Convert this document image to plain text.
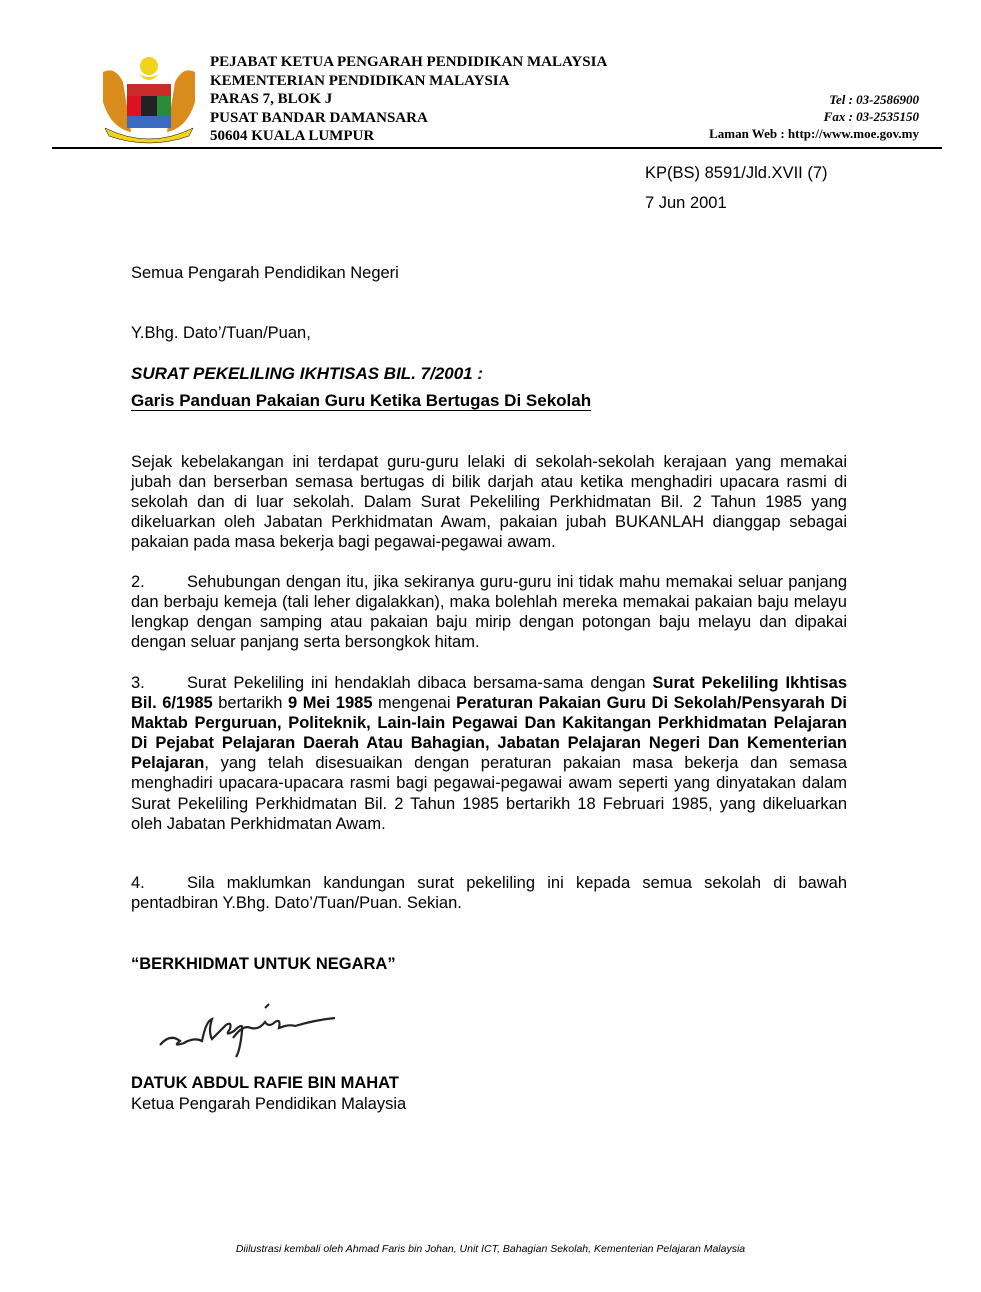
PEJABAT KETUA PENGARAH PENDIDIKAN MALAYSIA
KEMENTERIAN PENDIDIKAN MALAYSIA
PARAS 7, BLOK J
PUSAT BANDAR DAMANSARA
50604 KUALA LUMPUR
Tel : 03-2586900
Fax : 03-2535150
Laman Web : http://www.moe.gov.my
KP(BS) 8591/Jld.XVII (7)
7 Jun 2001
Semua Pengarah Pendidikan Negeri
Y.Bhg. Dato’/Tuan/Puan,
SURAT PEKELILING IKHTISAS BIL. 7/2001 :
Garis Panduan Pakaian Guru Ketika Bertugas Di Sekolah
Sejak kebelakangan ini terdapat guru-guru lelaki di sekolah-sekolah kerajaan yang memakai jubah dan berserban semasa bertugas di bilik darjah atau ketika menghadiri upacara rasmi di sekolah dan di luar sekolah. Dalam Surat Pekeliling Perkhidmatan Bil. 2 Tahun 1985 yang dikeluarkan oleh Jabatan Perkhidmatan Awam, pakaian jubah BUKANLAH dianggap sebagai pakaian pada masa bekerja bagi pegawai-pegawai awam.
2.	Sehubungan dengan itu, jika sekiranya guru-guru ini tidak mahu memakai seluar panjang dan berbaju kemeja (tali leher digalakkan), maka bolehlah mereka memakai pakaian baju melayu lengkap dengan samping atau pakaian baju mirip dengan potongan baju melayu dan dipakai dengan seluar panjang serta bersongkok hitam.
3.	Surat Pekeliling ini hendaklah dibaca bersama-sama dengan Surat Pekeliling Ikhtisas Bil. 6/1985 bertarikh 9 Mei 1985 mengenai Peraturan Pakaian Guru Di Sekolah/Pensyarah Di Maktab Perguruan, Politeknik, Lain-lain Pegawai Dan Kakitangan Perkhidmatan Pelajaran Di Pejabat Pelajaran Daerah Atau Bahagian, Jabatan Pelajaran Negeri Dan Kementerian Pelajaran, yang telah disesuaikan dengan peraturan pakaian masa bekerja dan semasa menghadiri upacara-upacara rasmi bagi pegawai-pegawai awam seperti yang dinyatakan dalam Surat Pekeliling Perkhidmatan Bil. 2 Tahun 1985 bertarikh 18 Februari 1985, yang dikeluarkan oleh Jabatan Perkhidmatan Awam.
4.	Sila maklumkan kandungan surat pekeliling ini kepada semua sekolah di bawah pentadbiran Y.Bhg. Dato’/Tuan/Puan. Sekian.
“BERKHIDMAT UNTUK NEGARA”
DATUK ABDUL RAFIE BIN MAHAT
Ketua Pengarah Pendidikan Malaysia
Diilustrasi kembali oleh Ahmad Faris bin Johan, Unit ICT, Bahagian Sekolah, Kementerian Pelajaran Malaysia
